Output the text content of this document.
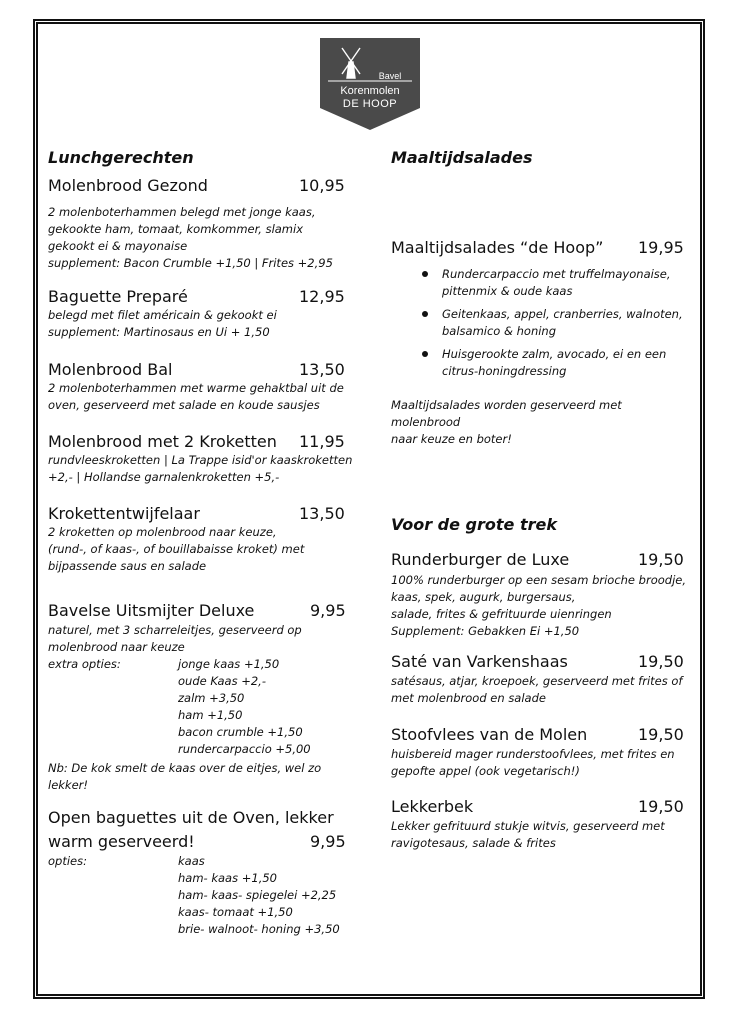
Bavel
Korenmolen
DE HOOP
Lunchgerechten
Molenbrood Gezond	10,95
2 molenboterhammen belegd met jonge kaas,
gekookte ham, tomaat, komkommer, slamix
gekookt ei & mayonaise
supplement: Bacon Crumble +1,50 | Frites +2,95
Baguette Preparé	12,95
belegd met filet américain & gekookt ei
supplement: Martinosaus en Ui + 1,50
Molenbrood Bal	13,50
2 molenboterhammen met warme gehaktbal uit de
oven, geserveerd met salade en koude sausjes
Molenbrood met 2 Kroketten 11,95
rundvleeskroketten | La Trappe isid'or kaaskroketten
+2,- | Hollandse garnalenkroketten +5,-
Krokettentwijfelaar	13,50
2 kroketten op molenbrood naar keuze,
(rund-, of kaas-, of bouillabaisse kroket) met
bijpassende saus en salade
Bavelse Uitsmijter Deluxe	9,95
naturel, met 3 scharreleitjes, geserveerd op
molenbrood naar keuze
extra opties:	jonge kaas +1,50
oude Kaas +2,-
zalm +3,50
ham +1,50
bacon crumble +1,50
rundercarpaccio +5,00
Nb: De kok smelt de kaas over de eitjes, wel zo
lekker!
Open baguettes uit de Oven, lekker
warm geserveerd!	9,95
opties:	kaas
ham- kaas +1,50
ham- kaas- spiegelei +2,25
kaas- tomaat +1,50
brie- walnoot- honing +3,50
Maaltijdsalades
Maaltijdsalades “de Hoop” 19,95
Rundercarpaccio met truffelmayonaise,
pittenmix & oude kaas
Geitenkaas, appel, cranberries, walnoten,
balsamico & honing
Huisgerookte zalm, avocado, ei en een
citrus-honingdressing
Maaltijdsalades worden geserveerd met molenbrood
naar keuze en boter!
Voor de grote trek
Runderburger de Luxe	19,50
100% runderburger op een sesam brioche broodje,
kaas, spek, augurk, burgersaus,
salade, frites & gefrituurde uienringen
Supplement: Gebakken Ei +1,50
Saté van Varkenshaas	19,50
satésaus, atjar, kroepoek, geserveerd met frites of
met molenbrood en salade
Stoofvlees van de Molen	19,50
huisbereid mager runderstoofvlees, met frites en
gepofte appel (ook vegetarisch!)
Lekkerbek	19,50
Lekker gefrituurd stukje witvis, geserveerd met
ravigotesaus, salade & frites
